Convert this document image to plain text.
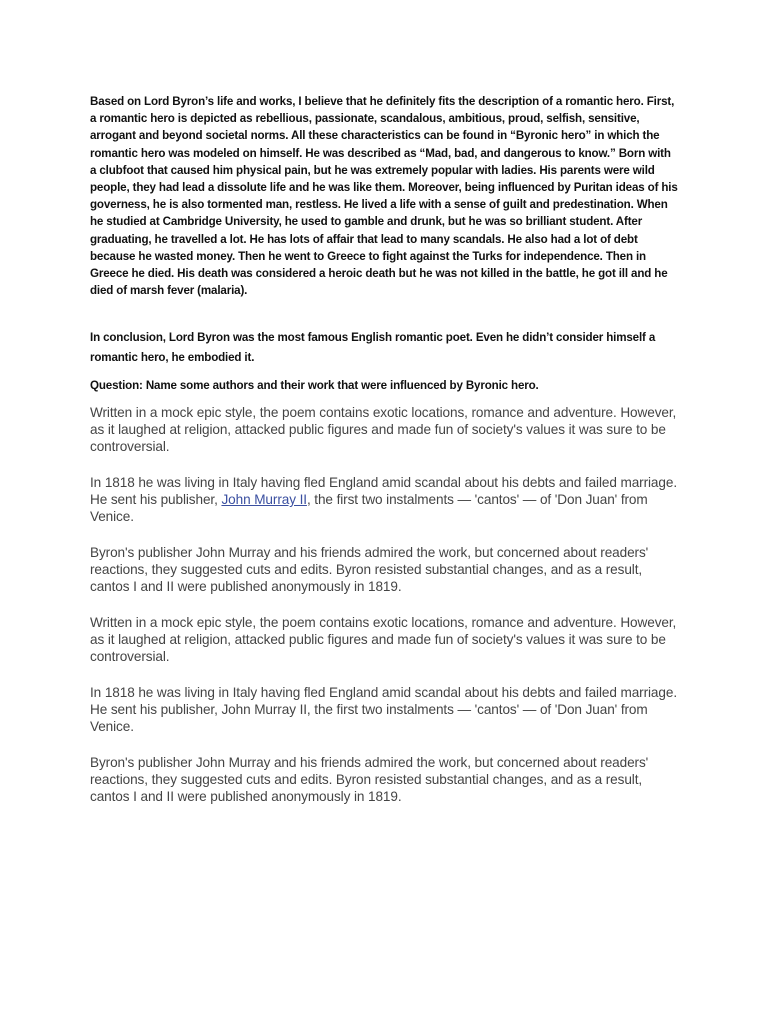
Based on Lord Byron’s life and works, I believe that he definitely fits the description of a romantic hero. First, a romantic hero is depicted as rebellious, passionate, scandalous, ambitious, proud, selfish, sensitive, arrogant and beyond societal norms. All these characteristics can be found in “Byronic hero” in which the romantic hero was modeled on himself. He was described as “Mad, bad, and dangerous to know.” Born with a clubfoot that caused him physical pain, but he was extremely popular with ladies. His parents were wild people, they had lead a dissolute life and he was like them. Moreover, being influenced by Puritan ideas of his governess, he is also tormented man, restless. He lived a life with a sense of guilt and predestination. When he studied at Cambridge University, he used to gamble and drunk, but he was so brilliant student. After graduating, he travelled a lot. He has lots of affair that lead to many scandals. He also had a lot of debt because he wasted money. Then he went to Greece to fight against the Turks for independence. Then in Greece he died. His death was considered a heroic death but he was not killed in the battle, he got ill and he died of marsh fever (malaria).

In conclusion, Lord Byron was the most famous English romantic poet. Even he didn’t consider himself a romantic hero, he embodied it.

Question: Name some authors and their work that were influenced by Byronic hero.

Written in a mock epic style, the poem contains exotic locations, romance and adventure. However, as it laughed at religion, attacked public figures and made fun of society's values it was sure to be controversial.

In 1818 he was living in Italy having fled England amid scandal about his debts and failed marriage. He sent his publisher, John Murray II, the first two instalments — 'cantos' — of 'Don Juan' from Venice.

Byron's publisher John Murray and his friends admired the work, but concerned about readers' reactions, they suggested cuts and edits. Byron resisted substantial changes, and as a result, cantos I and II were published anonymously in 1819.

Written in a mock epic style, the poem contains exotic locations, romance and adventure. However, as it laughed at religion, attacked public figures and made fun of society's values it was sure to be controversial.

In 1818 he was living in Italy having fled England amid scandal about his debts and failed marriage. He sent his publisher, John Murray II, the first two instalments — 'cantos' — of 'Don Juan' from Venice.

Byron's publisher John Murray and his friends admired the work, but concerned about readers' reactions, they suggested cuts and edits. Byron resisted substantial changes, and as a result, cantos I and II were published anonymously in 1819.
